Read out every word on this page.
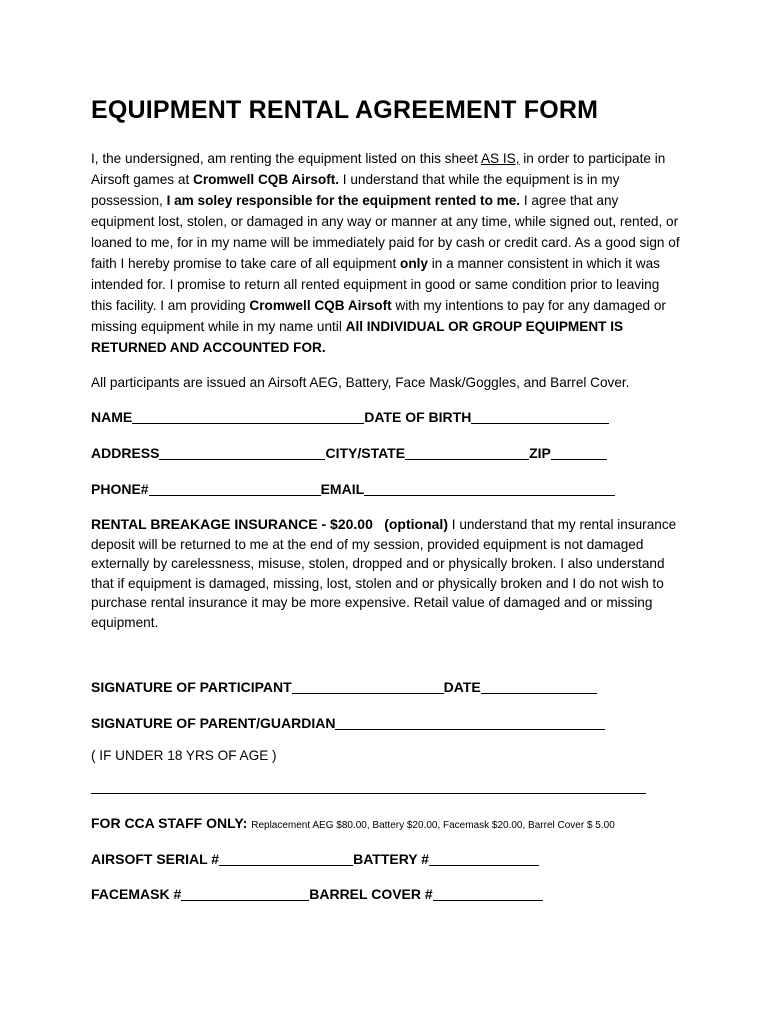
EQUIPMENT RENTAL AGREEMENT FORM

I, the undersigned, am renting the equipment listed on this sheet AS IS, in order to participate in Airsoft games at Cromwell CQB Airsoft. I understand that while the equipment is in my possession, I am soley responsible for the equipment rented to me. I agree that any equipment lost, stolen, or damaged in any way or manner at any time, while signed out, rented, or loaned to me, for in my name will be immediately paid for by cash or credit card. As a good sign of faith I hereby promise to take care of all equipment only in a manner consistent in which it was intended for. I promise to return all rented equipment in good or same condition prior to leaving this facility. I am providing Cromwell CQB Airsoft with my intentions to pay for any damaged or missing equipment while in my name until All INDIVIDUAL OR GROUP EQUIPMENT IS RETURNED AND ACCOUNTED FOR.

All participants are issued an Airsoft AEG, Battery, Face Mask/Goggles, and Barrel Cover.
NAME	DATE OF BIRTH
ADDRESS	CITY/STATE	ZIP
PHONE#	EMAIL

RENTAL BREAKAGE INSURANCE - $20.00 (optional) I understand that my rental insurance deposit will be returned to me at the end of my session, provided equipment is not damaged externally by carelessness, misuse, stolen, dropped and or physically broken. I also understand that if equipment is damaged, missing, lost, stolen and or physically broken and I do not wish to purchase rental insurance it may be more expensive. Retail value of damaged and or missing equipment.

SIGNATURE OF PARTICIPANT	DATE
SIGNATURE OF PARENT/GUARDIAN
( IF UNDER 18 YRS OF AGE )
FOR CCA STAFF ONLY: Replacement AEG $80.00, Battery $20.00, Facemask $20.00, Barrel Cover $ 5.00
AIRSOFT SERIAL #	BATTERY #
FACEMASK #	BARREL COVER #
